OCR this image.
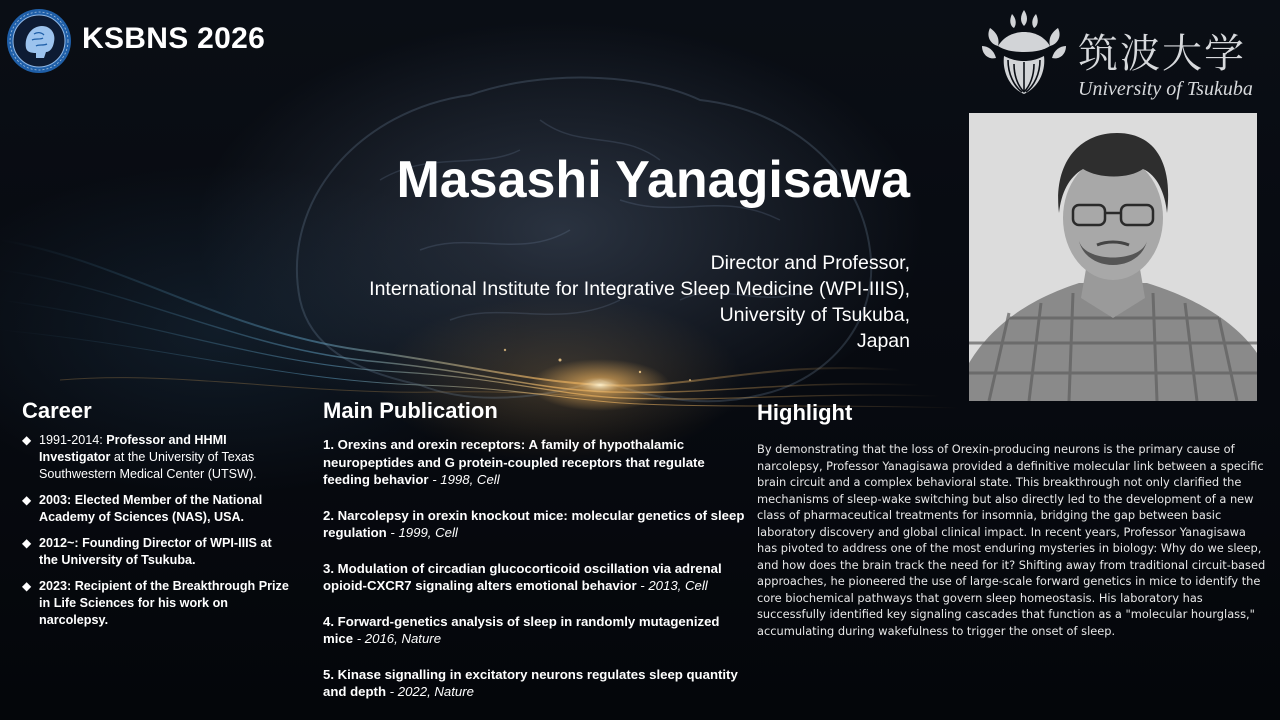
KSBNS 2026	筑波大学
University of Tsukuba
Masashi Yanagisawa
Director and Professor,
International Institute for Integrative Sleep Medicine (WPI-IIIS),
University of Tsukuba,
Japan
Career
◆ 1991-2014: Professor and HHMI Investigator at the University of Texas Southwestern Medical Center (UTSW).
◆ 2003: Elected Member of the National Academy of Sciences (NAS), USA.
◆ 2012~: Founding Director of WPI-IIIS at the University of Tsukuba.
◆ 2023: Recipient of the Breakthrough Prize in Life Sciences for his work on narcolepsy.
Main Publication
1. Orexins and orexin receptors: A family of hypothalamic neuropeptides and G protein-coupled receptors that regulate feeding behavior - 1998, Cell
2. Narcolepsy in orexin knockout mice: molecular genetics of sleep regulation - 1999, Cell
3. Modulation of circadian glucocorticoid oscillation via adrenal opioid-CXCR7 signaling alters emotional behavior - 2013, Cell
4. Forward-genetics analysis of sleep in randomly mutagenized mice - 2016, Nature
5. Kinase signalling in excitatory neurons regulates sleep quantity and depth - 2022, Nature
Highlight

By demonstrating that the loss of Orexin-producing neurons is the primary cause of narcolepsy, Professor Yanagisawa provided a definitive molecular link between a specific brain circuit and a complex behavioral state. This breakthrough not only clarified the mechanisms of sleep-wake switching but also directly led to the development of a new class of pharmaceutical treatments for insomnia, bridging the gap between basic laboratory discovery and global clinical impact. In recent years, Professor Yanagisawa has pivoted to address one of the most enduring mysteries in biology: Why do we sleep, and how does the brain track the need for it? Shifting away from traditional circuit-based approaches, he pioneered the use of large-scale forward genetics in mice to identify the core biochemical pathways that govern sleep homeostasis. His laboratory has successfully identified key signaling cascades that function as a "molecular hourglass," accumulating during wakefulness to trigger the onset of sleep.
